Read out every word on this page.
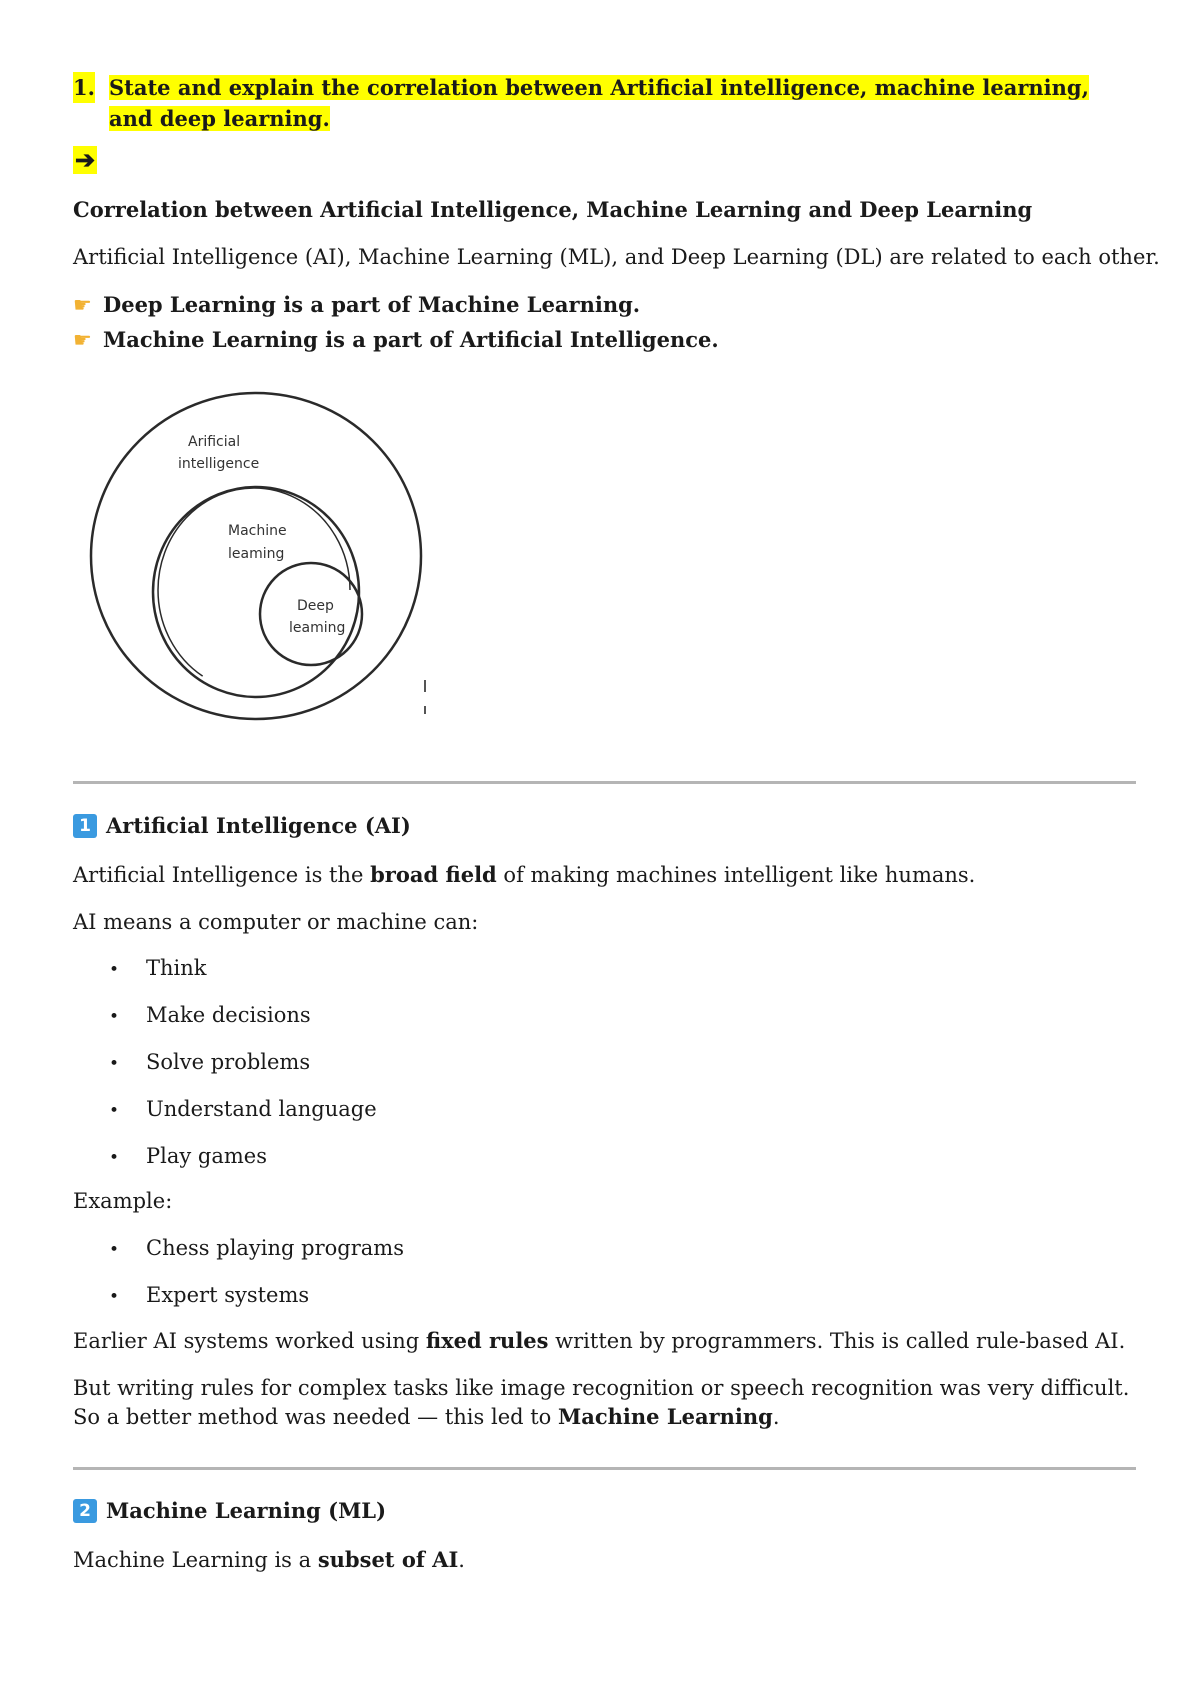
1. State and explain the correlation between Artificial intelligence, machine learning, and deep learning.
➔
Correlation between Artificial Intelligence, Machine Learning and Deep Learning
Artificial Intelligence (AI), Machine Learning (ML), and Deep Learning (DL) are related to each other.
☛ Deep Learning is a part of Machine Learning.
☛ Machine Learning is a part of Artificial Intelligence.
1 Artificial Intelligence (AI)
Artificial Intelligence is the broad field of making machines intelligent like humans.
AI means a computer or machine can:
• Think
• Make decisions
• Solve problems
• Understand language
• Play games
Example:
• Chess playing programs
• Expert systems
Earlier AI systems worked using fixed rules written by programmers. This is called rule-based AI.
But writing rules for complex tasks like image recognition or speech recognition was very difficult.
So a better method was needed — this led to Machine Learning.
2 Machine Learning (ML)
Machine Learning is a subset of AI.
Arificial
intelligence
Machine
leaming
Deep
leaming
